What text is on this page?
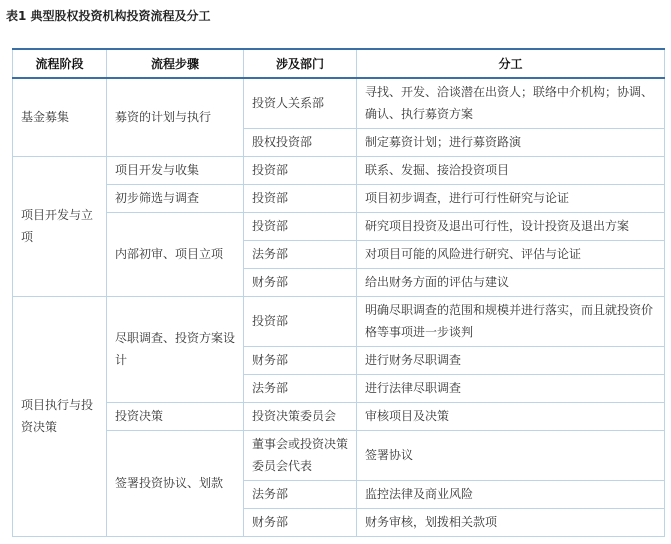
表1 典型股权投资机构投资流程及分工
流程阶段	流程步骤	涉及部门	分工
基金募集	募资的计划与执行	投资人关系部	寻找、开发、洽谈潜在出资人；联络中介机构；协调、确认、执行募资方案
		股权投资部	制定募资计划；进行募资路演
项目开发与立项	项目开发与收集	投资部	联系、发掘、接洽投资项目
	初步筛选与调查	投资部	项目初步调查，进行可行性研究与论证
	内部初审、项目立项	投资部	研究项目投资及退出可行性，设计投资及退出方案
		法务部	对项目可能的风险进行研究、评估与论证
		财务部	给出财务方面的评估与建议
项目执行与投资决策	尽职调查、投资方案设计	投资部	明确尽职调查的范围和规模并进行落实，而且就投资价格等事项进一步谈判
		财务部	进行财务尽职调查
		法务部	进行法律尽职调查
	投资决策	投资决策委员会	审核项目及决策
	签署投资协议、划款	董事会或投资决策委员会代表	签署协议
		法务部	监控法律及商业风险
		财务部	财务审核，划拨相关款项
